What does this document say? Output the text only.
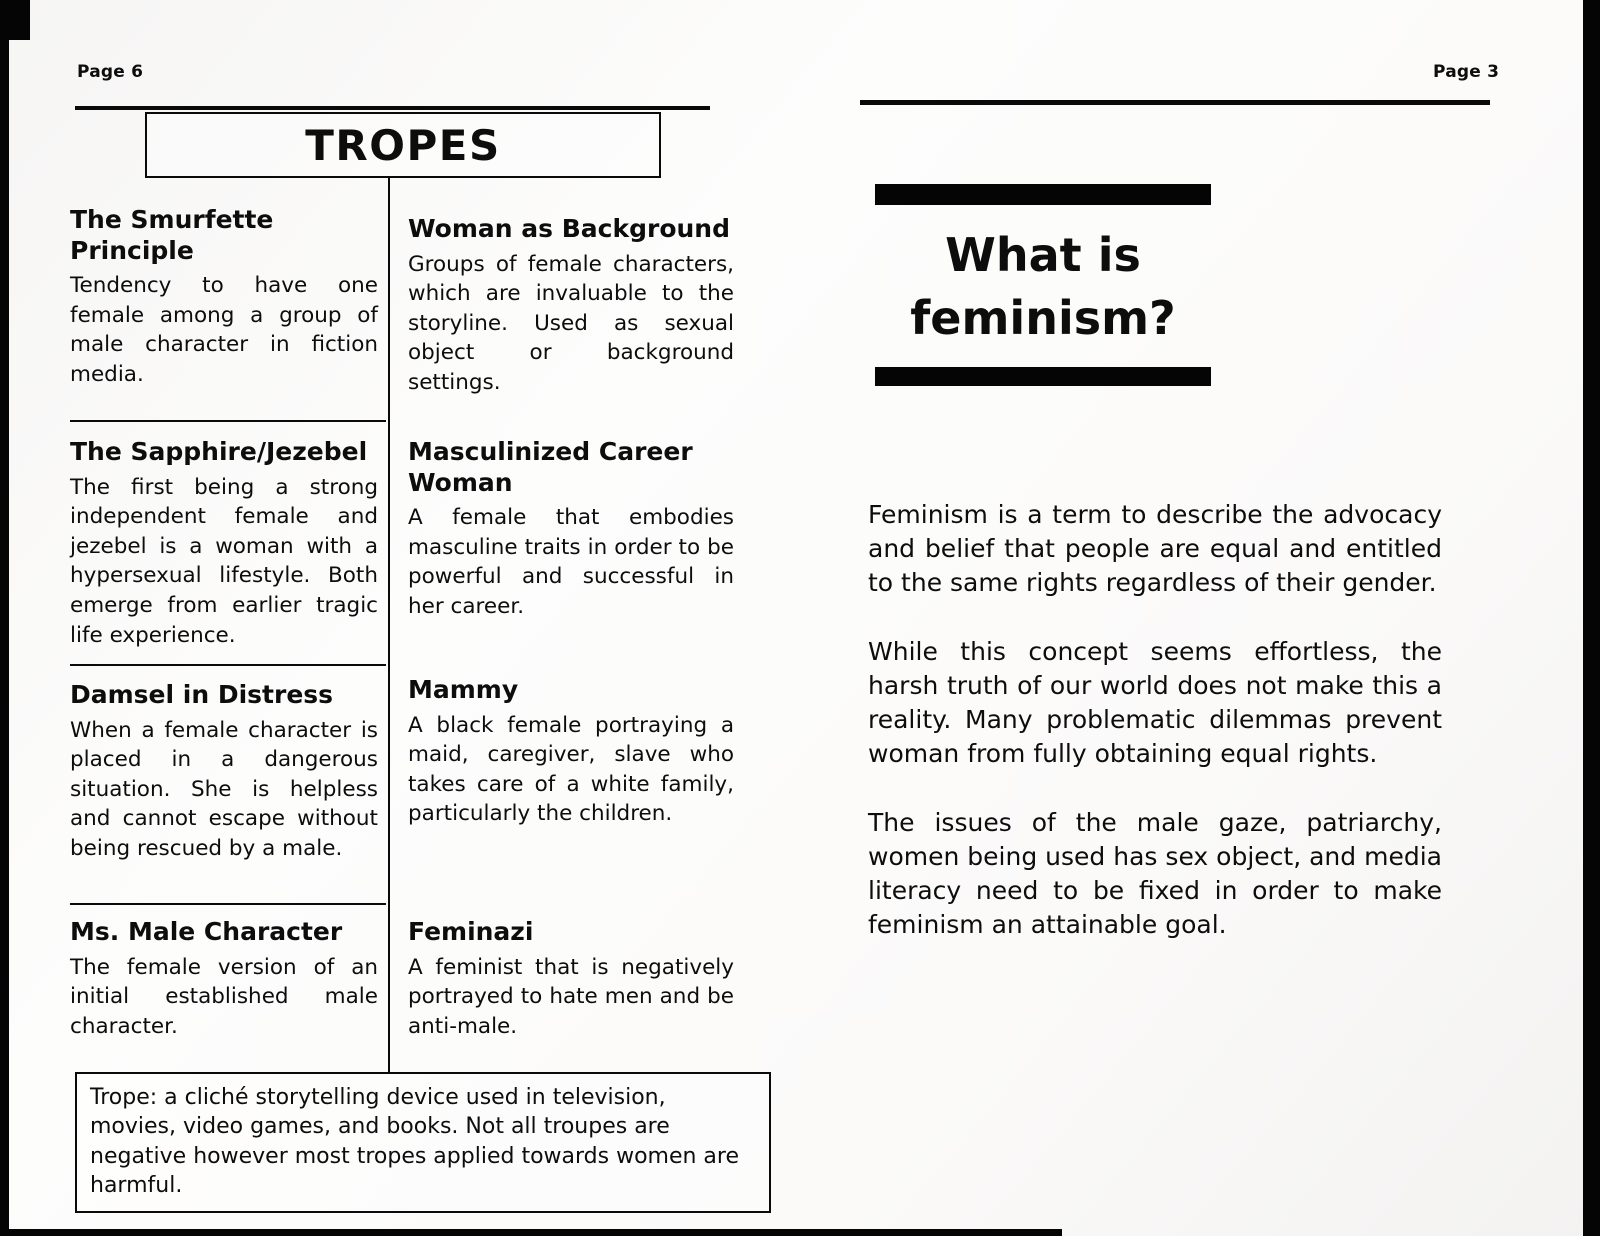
Page 6
TROPES
The Smurfette Principle
Tendency to have one female among a group of male character in fiction media.
The Sapphire/Jezebel
The first being a strong independent female and jezebel is a woman with a hypersexual lifestyle. Both emerge from earlier tragic life experience.
Damsel in Distress
When a female character is placed in a dangerous situation. She is helpless and cannot escape without being rescued by a male.
Ms. Male Character
The female version of an initial established male character.
Woman as Background
Groups of female characters, which are invaluable to the storyline. Used as sexual object or background settings.
Masculinized Career Woman
A female that embodies masculine traits in order to be powerful and successful in her career.
Mammy
A black female portraying a maid, caregiver, slave who takes care of a white family, particularly the children.
Feminazi
A feminist that is negatively portrayed to hate men and be anti-male.
Trope: a cliché storytelling device used in television, movies, video games, and books. Not all troupes are negative however most tropes applied towards women are harmful.
Page 3
What is
feminism?

Feminism is a term to describe the advocacy and belief that people are equal and entitled to the same rights regardless of their gender.

While this concept seems effortless, the harsh truth of our world does not make this a reality. Many problematic dilemmas prevent woman from fully obtaining equal rights.

The issues of the male gaze, patriarchy, women being used has sex object, and media literacy need to be fixed in order to make feminism an attainable goal.
